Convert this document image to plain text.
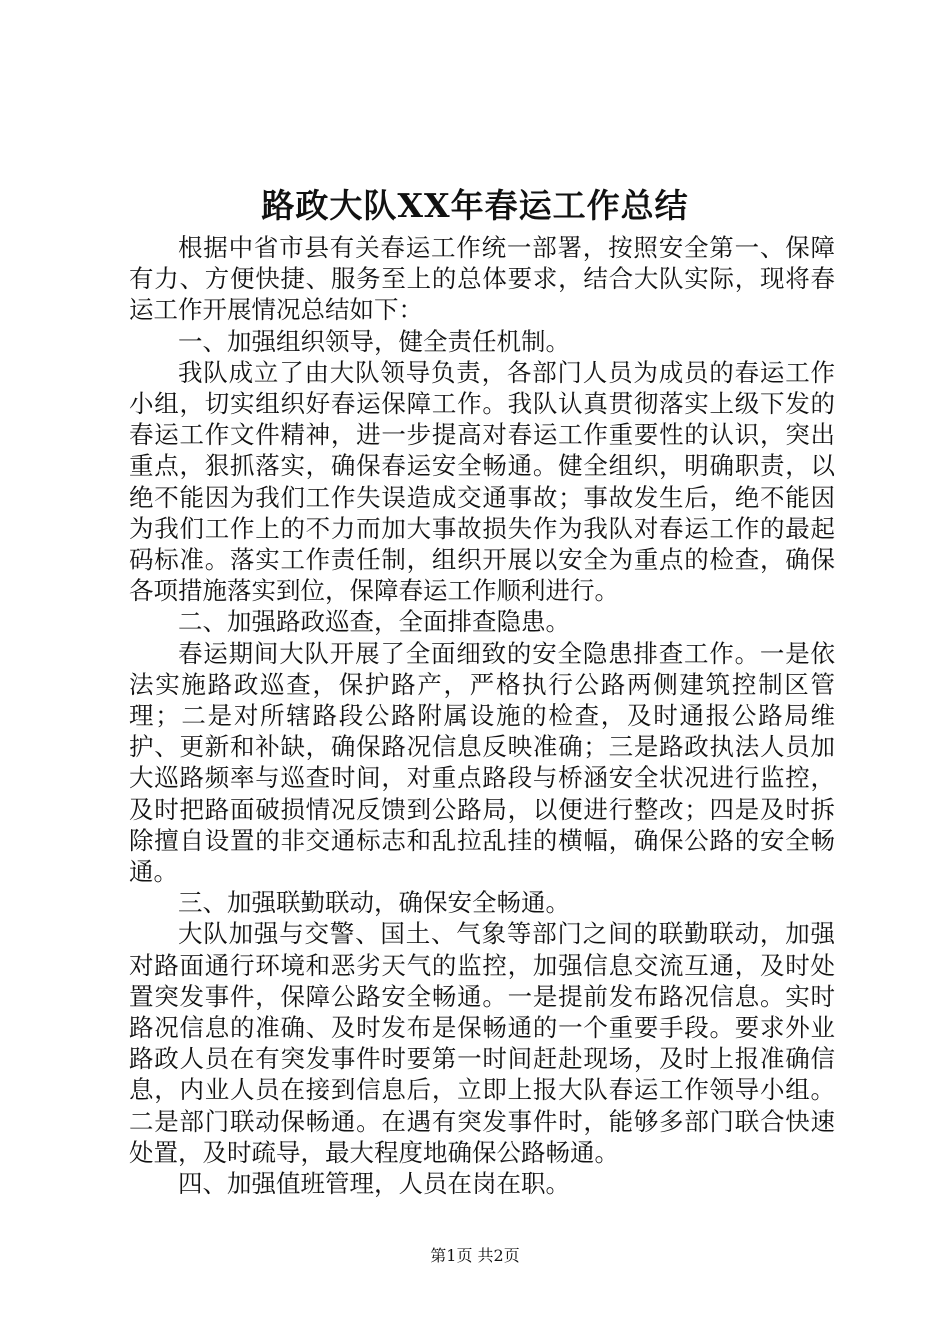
路政大队XX年春运工作总结

根据中省市县有关春运工作统一部署，按照安全第一、保障有力、方便快捷、服务至上的总体要求，结合大队实际，现将春运工作开展情况总结如下：

一、加强组织领导，健全责任机制。

我队成立了由大队领导负责，各部门人员为成员的春运工作小组，切实组织好春运保障工作。我队认真贯彻落实上级下发的春运工作文件精神，进一步提高对春运工作重要性的认识，突出重点，狠抓落实，确保春运安全畅通。健全组织，明确职责，以绝不能因为我们工作失误造成交通事故；事故发生后，绝不能因为我们工作上的不力而加大事故损失作为我队对春运工作的最起码标准。落实工作责任制，组织开展以安全为重点的检查，确保各项措施落实到位，保障春运工作顺利进行。

二、加强路政巡查，全面排查隐患。

春运期间大队开展了全面细致的安全隐患排查工作。一是依法实施路政巡查，保护路产，严格执行公路两侧建筑控制区管理；二是对所辖路段公路附属设施的检查，及时通报公路局维护、更新和补缺，确保路况信息反映准确；三是路政执法人员加大巡路频率与巡查时间，对重点路段与桥涵安全状况进行监控，及时把路面破损情况反馈到公路局，以便进行整改；四是及时拆除擅自设置的非交通标志和乱拉乱挂的横幅，确保公路的安全畅通。

三、加强联勤联动，确保安全畅通。

大队加强与交警、国土、气象等部门之间的联勤联动，加强对路面通行环境和恶劣天气的监控，加强信息交流互通，及时处置突发事件，保障公路安全畅通。一是提前发布路况信息。实时路况信息的准确、及时发布是保畅通的一个重要手段。要求外业路政人员在有突发事件时要第一时间赶赴现场，及时上报准确信息，内业人员在接到信息后，立即上报大队春运工作领导小组。二是部门联动保畅通。在遇有突发事件时，能够多部门联合快速处置，及时疏导，最大程度地确保公路畅通。

四、加强值班管理，人员在岗在职。

第1页 共2页
